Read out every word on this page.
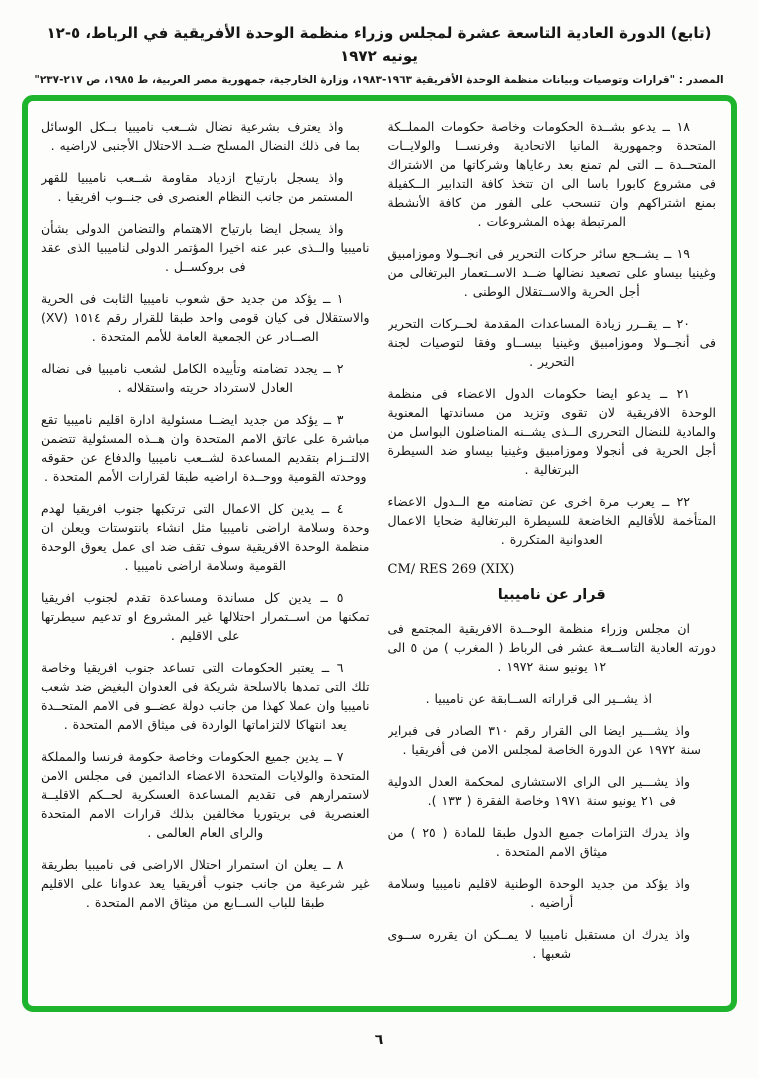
(تابع) الدورة العادية التاسعة عشرة لمجلس وزراء منظمة الوحدة الأفريقية في الرباط، ٥-١٢ يونيه ١٩٧٢
المصدر : "قرارات وتوصيات وبيانات منظمة الوحدة الأفريقية ١٩٦٣-١٩٨٣، وزارة الخارجية، جمهورية مصر العربية، ط ١٩٨٥، ص ٢١٧-٢٣٧"

١٨ ــ يدعو بشــدة الحكومات وخاصة حكومات المملــكة المتحدة وجمهورية المانيا الاتحادية وفرنســا والولايــات المتحــدة ــ التى لم تمنع بعد رعاياها وشركاتها من الاشتراك فى مشروع كابورا باسا الى ان تتخذ كافة التدابير الــكفيلة بمنع اشتراكهم وان تنسحب على الفور من كافة الأنشطة المرتبطة بهذه المشروعات .

١٩ ــ يشــجع سائر حركات التحرير فى انجــولا وموزامبيق وغينيا بيساو على تصعيد نضالها ضــد الاســتعمار البرتغالى من أجل الحرية والاســتقلال الوطنى .

٢٠ ــ يقــرر زيادة المساعدات المقدمة لحــركات التحرير فى أنجــولا وموزامبيق وغينيا بيســاو وفقا لتوصيات لجنة التحرير .

٢١ ــ يدعو ايضا حكومات الدول الاعضاء فى منظمة الوحدة الافريقية لان تقوى وتزيد من مساندتها المعنوية والمادية للنضال التحررى الــذى يشــنه المناضلون البواسل من أجل الحرية فى أنجولا وموزامبيق وغينيا بيساو ضد السيطرة البرتغالية .

٢٢ ــ يعرب مرة اخرى عن تضامنه مع الــدول الاعضاء المتأخمة للأقاليم الخاضعة للسيطرة البرتغالية ضحايا الاعمال العدوانية المتكررة .

CM/ RES 269 (XIX)
قرار عن ناميبيا

ان مجلس وزراء منظمة الوحــدة الافريقية المجتمع فى دورته العادية التاســعة عشر فى الرباط ( المغرب ) من ٥ الى ١٢ يونيو سنة ١٩٧٢ .

اذ يشــير الى قراراته الســابقة عن ناميبيا .

واذ يشـــير ايضا الى القرار رقم ٣١٠ الصادر فى فبراير سنة ١٩٧٢ عن الدورة الخاصة لمجلس الامن فى أفريقيا .

واذ يشـــير الى الراى الاستشارى لمحكمة العدل الدولية فى ٢١ يونيو سنة ١٩٧١ وخاصة الفقرة ( ١٣٣ ).

واذ يدرك التزامات جميع الدول طبقا للمادة ( ٢٥ ) من ميثاق الامم المتحدة .

واذ يؤكد من جديد الوحدة الوطنية لاقليم ناميبيا وسلامة أراضيه .

واذ يدرك ان مستقبل ناميبيا لا يمــكن ان يقرره ســوى شعبها .

واذ يعترف بشرعية نضال شــعب ناميبيا بــكل الوسائل بما فى ذلك النضال المسلح ضــد الاحتلال الأجنبى لاراضيه .

واذ يسجل بارتياح ازدياد مقاومة شــعب ناميبيا للقهر المستمر من جانب النظام العنصرى فى جنــوب افريقيا .

واذ يسجل ايضا بارتياح الاهتمام والتضامن الدولى بشأن ناميبيا والــذى عبر عنه اخيرا المؤتمر الدولى لناميبيا الذى عقد فى بروكســل .

١ ــ يؤكد من جديد حق شعوب ناميبيا الثابت فى الحرية والاستقلال فى كيان قومى واحد طبقا للقرار رقم ١٥١٤ (XV) الصــادر عن الجمعية العامة للأمم المتحدة .

٢ ــ يجدد تضامنه وتأييده الكامل لشعب ناميبيا فى نضاله العادل لاسترداد حريته واستقلاله .

٣ ــ يؤكد من جديد ايضــا مسئولية ادارة اقليم ناميبيا تقع مباشرة على عاتق الامم المتحدة وان هــذه المسئولية تتضمن الالتــزام بتقديم المساعدة لشــعب ناميبيا والدفاع عن حقوقه ووحدته القومية ووحــدة اراضيه طبقا لقرارات الأمم المتحدة .

٤ ــ يدين كل الاعمال التى ترتكبها جنوب افريقيا لهدم وحدة وسلامة اراضى ناميبيا مثل انشاء بانتوستات ويعلن ان منظمة الوحدة الافريقية سوف تقف ضد اى عمل يعوق الوحدة القومية وسلامة اراضى ناميبيا .

٥ ــ يدين كل مساندة ومساعدة تقدم لجنوب افريقيا تمكنها من اســتمرار احتلالها غير المشروع او تدعيم سيطرتها على الاقليم .

٦ ــ يعتبر الحكومات التى تساعد جنوب افريقيا وخاصة تلك التى تمدها بالاسلحة شريكة فى العدوان البغيض ضد شعب ناميبيا وان عملا كهذا من جانب دولة عضــو فى الامم المتحــدة يعد انتهاكا لالتزاماتها الواردة فى ميثاق الامم المتحدة .

٧ ــ يدين جميع الحكومات وخاصة حكومة فرنسا والمملكة المتحدة والولايات المتحدة الاعضاء الدائمين فى مجلس الامن لاستمرارهم فى تقديم المساعدة العسكرية لحــكم الاقليــة العنصرية فى بريتوريا مخالفين بذلك قرارات الامم المتحدة والراى العام العالمى .

٨ ــ يعلن ان استمرار احتلال الاراضى فى ناميبيا بطريقة غير شرعية من جانب جنوب أفريقيا يعد عدوانا على الاقليم طبقا للباب الســابع من ميثاق الامم المتحدة .

٦
